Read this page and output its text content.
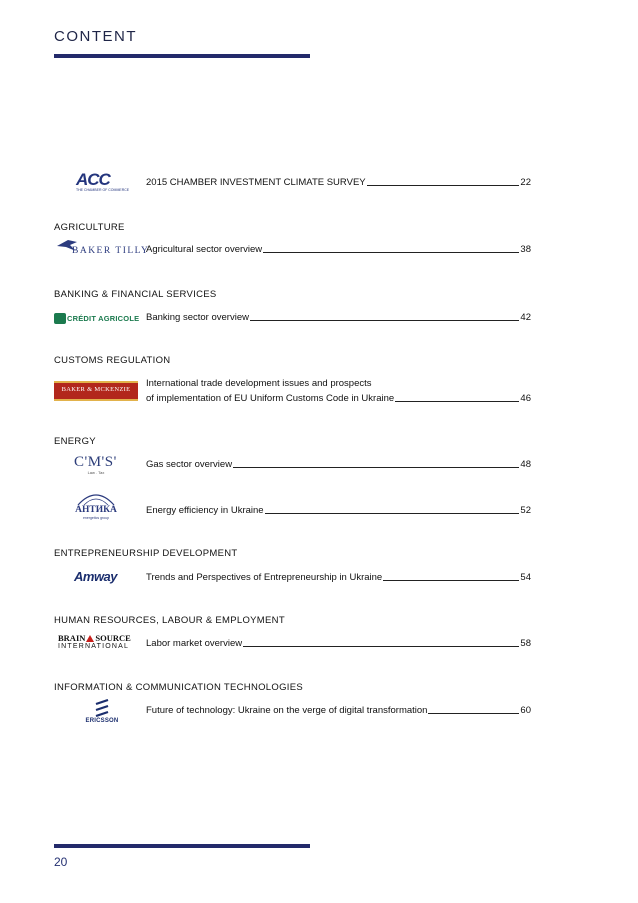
CONTENT
ACC
THE CHAMBER OF COMMERCE
2015 CHAMBER INVESTMENT CLIMATE SURVEY	22
AGRICULTURE
BAKER TILLY
Agricultural sector overview	38
BANKING & FINANCIAL SERVICES
CRÉDIT AGRICOLE Banking sector overview	42
CUSTOMS REGULATION
BAKER & MCKENZIE
International trade development issues and prospects
of implementation of EU Uniform Customs Code in Ukraine	46
ENERGY
C'M'S'
Law . Tax
Gas sector overview	48
АНТИКА
energetics group
Energy efficiency in Ukraine	52
ENTREPRENEURSHIP DEVELOPMENT
Amway	Trends and Perspectives of Entrepreneurship in Ukraine	54
HUMAN RESOURCES, LABOUR & EMPLOYMENT
BRAIN SOURCE
INTERNATIONAL	Labor market overview	58
INFORMATION & COMMUNICATION TECHNOLOGIES
ERICSSON
Future of technology: Ukraine on the verge of digital transformation	60
20
